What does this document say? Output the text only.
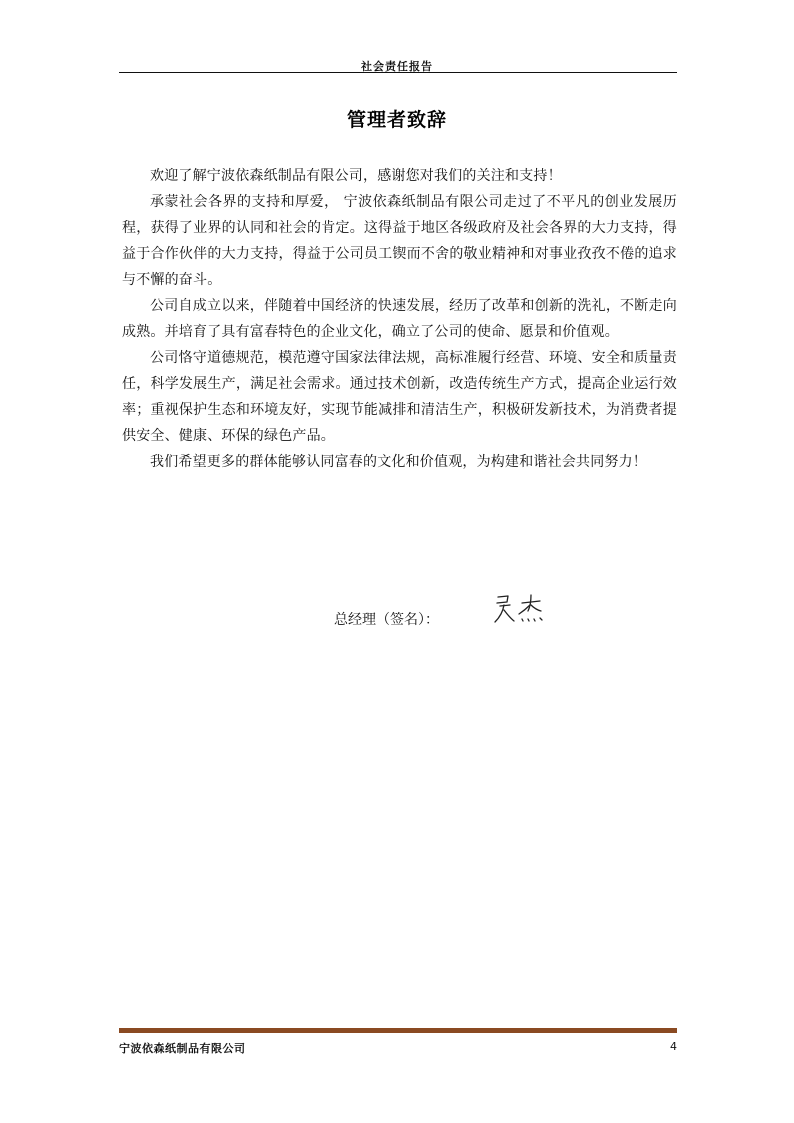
社会责任报告
管理者致辞

欢迎了解宁波依森纸制品有限公司，感谢您对我们的关注和支持！

承蒙社会各界的支持和厚爱， 宁波依森纸制品有限公司走过了不平凡的创业发展历程，获得了业界的认同和社会的肯定。这得益于地区各级政府及社会各界的大力支持，得益于合作伙伴的大力支持，得益于公司员工锲而不舍的敬业精神和对事业孜孜不倦的追求与不懈的奋斗。

公司自成立以来，伴随着中国经济的快速发展，经历了改革和创新的洗礼，不断走向成熟。并培育了具有富春特色的企业文化，确立了公司的使命、愿景和价值观。

公司恪守道德规范，模范遵守国家法律法规，高标准履行经营、环境、安全和质量责任，科学发展生产，满足社会需求。通过技术创新，改造传统生产方式，提高企业运行效率；重视保护生态和环境友好，实现节能减排和清洁生产，积极研发新技术，为消费者提供安全、健康、环保的绿色产品。

我们希望更多的群体能够认同富春的文化和价值观，为构建和谐社会共同努力！

总经理（签名）：
宁波依森纸制品有限公司	4
